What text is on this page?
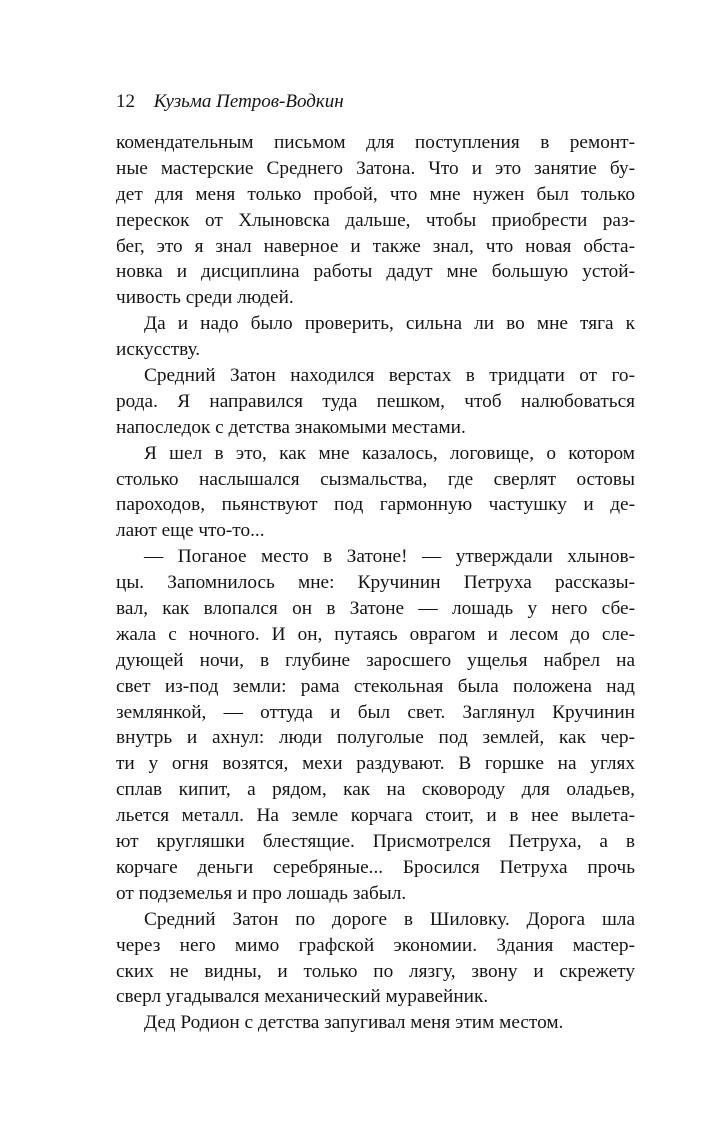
12 Кузьма Петров-Водкин
комендательным письмом для поступления в ремонт-
ные мастерские Среднего Затона. Что и это занятие бу-
дет для меня только пробой, что мне нужен был только
перескок от Хлыновска дальше, чтобы приобрести раз-
бег, это я знал наверное и также знал, что новая обста-
новка и дисциплина работы дадут мне большую устой-
чивость среди людей.
Да и надо было проверить, сильна ли во мне тяга к
искусству.
Средний Затон находился верстах в тридцати от го-
рода. Я направился туда пешком, чтоб налюбоваться
напоследок с детства знакомыми местами.
Я шел в это, как мне казалось, логовище, о котором
столько наслышался сызмальства, где сверлят остовы
пароходов, пьянствуют под гармонную частушку и де-
лают еще что-то...
— Поганое место в Затоне! — утверждали хлынов-
цы. Запомнилось мне: Кручинин Петруха рассказы-
вал, как влопался он в Затоне — лошадь у него сбе-
жала с ночного. И он, путаясь оврагом и лесом до сле-
дующей ночи, в глубине заросшего ущелья набрел на
свет из-под земли: рама стекольная была положена над
землянкой, — оттуда и был свет. Заглянул Кручинин
внутрь и ахнул: люди полуголые под землей, как чер-
ти у огня возятся, мехи раздувают. В горшке на углях
сплав кипит, а рядом, как на сковороду для оладьев,
льется металл. На земле корчага стоит, и в нее вылета-
ют кругляшки блестящие. Присмотрелся Петруха, а в
корчаге деньги серебряные... Бросился Петруха прочь
от подземелья и про лошадь забыл.
Средний Затон по дороге в Шиловку. Дорога шла
через него мимо графской экономии. Здания мастер-
ских не видны, и только по лязгу, звону и скрежету
сверл угадывался механический муравейник.
Дед Родион с детства запугивал меня этим местом.
